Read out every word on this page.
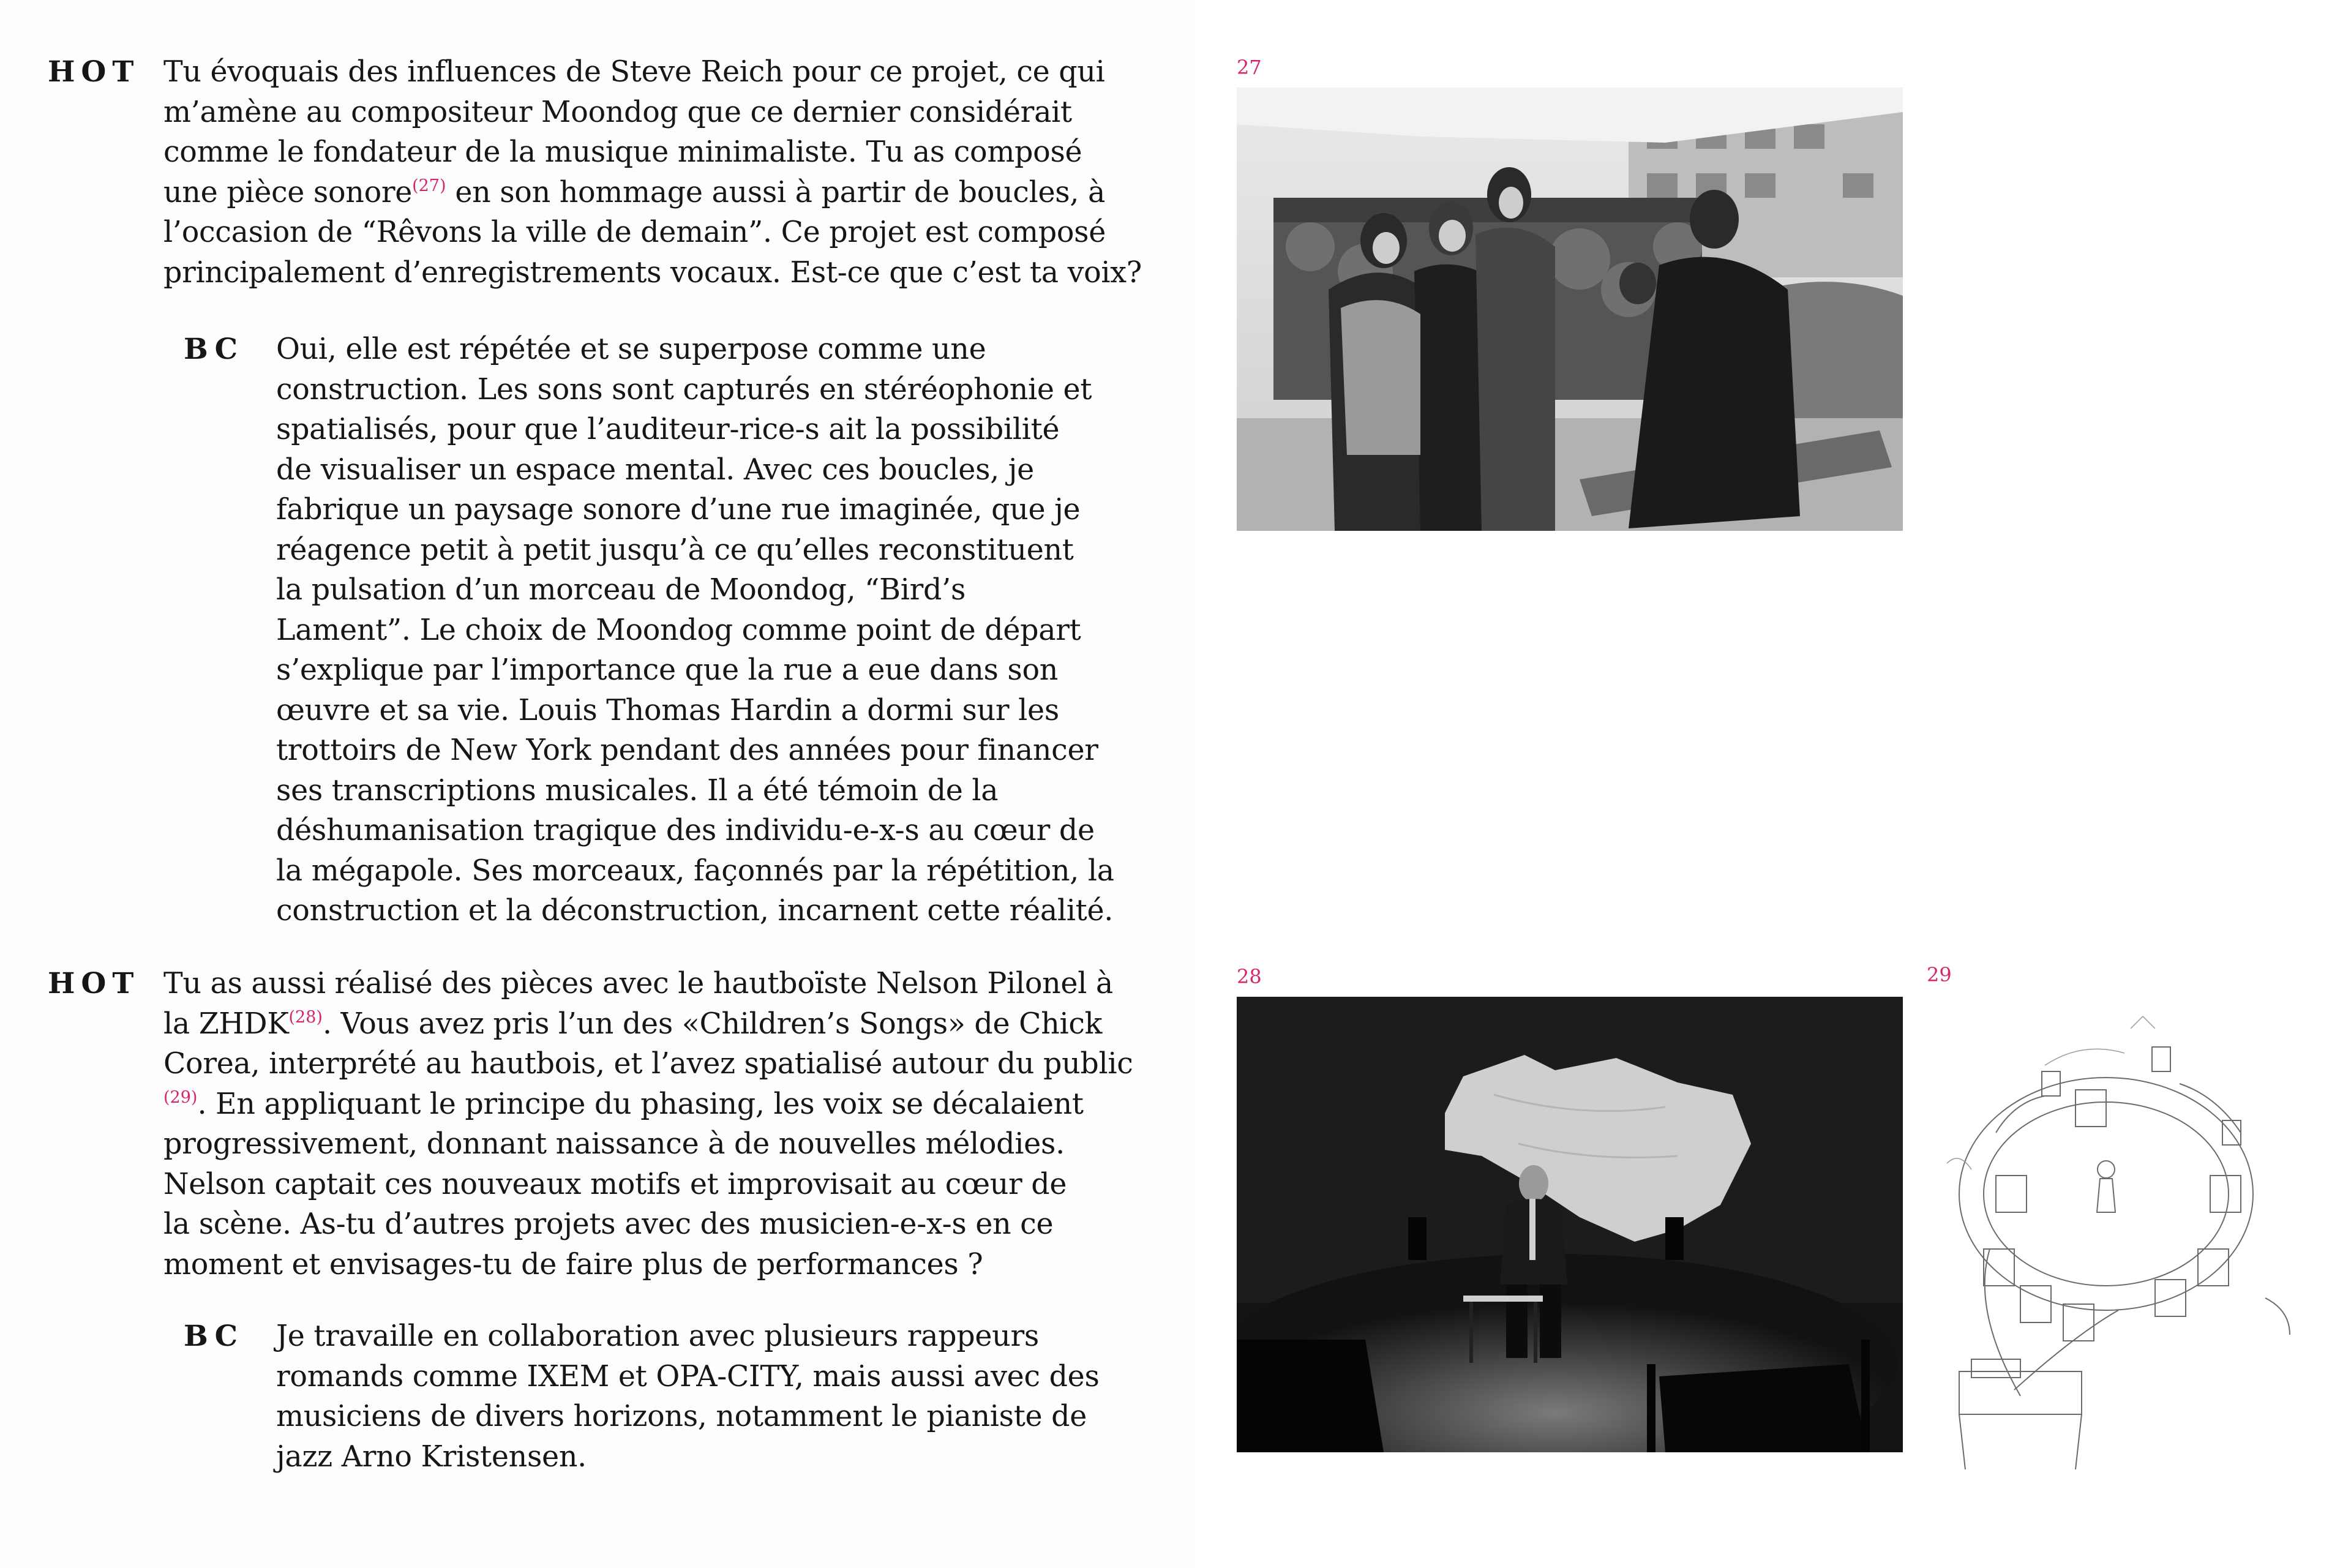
HOT Tu évoquais des influences de Steve Reich pour ce projet, ce qui
m’amène au compositeur Moondog que ce dernier considérait
comme le fondateur de la musique minimaliste. Tu as composé
une pièce sonore$^{(27)}$ en son hommage aussi à partir de boucles, à
l’occasion de “Rêvons la ville de demain”. Ce projet est composé
principalement d’enregistrements vocaux. Est-ce que c’est ta voix?
BC Oui, elle est répétée et se superpose comme une
construction. Les sons sont capturés en stéréophonie et
spatialisés, pour que l’auditeur-rice-s ait la possibilité
de visualiser un espace mental. Avec ces boucles, je
fabrique un paysage sonore d’une rue imaginée, que je
réagence petit à petit jusqu’à ce qu’elles reconstituent
la pulsation d’un morceau de Moondog, “Bird’s
Lament”. Le choix de Moondog comme point de départ
s’explique par l’importance que la rue a eue dans son
œuvre et sa vie. Louis Thomas Hardin a dormi sur les
trottoirs de New York pendant des années pour financer
ses transcriptions musicales. Il a été témoin de la
déshumanisation tragique des individu-e-x-s au cœur de
la mégapole. Ses morceaux, façonnés par la répétition, la
construction et la déconstruction, incarnent cette réalité.
HOT Tu as aussi réalisé des pièces avec le hautboïste Nelson Pilonel à
la ZHDK$^{(28)}$. Vous avez pris l’un des «Children’s Songs» de Chick
Corea, interprété au hautbois, et l’avez spatialisé autour du public
$^{(29)}$. En appliquant le principe du phasing, les voix se décalaient
progressivement, donnant naissance à de nouvelles mélodies.
Nelson captait ces nouveaux motifs et improvisait au cœur de
la scène. As-tu d’autres projets avec des musicien-e-x-s en ce
moment et envisages-tu de faire plus de performances ?
BC Je travaille en collaboration avec plusieurs rappeurs
romands comme IXEM et OPA-CITY, mais aussi avec des
musiciens de divers horizons, notamment le pianiste de
jazz Arno Kristensen.
27
28	29
